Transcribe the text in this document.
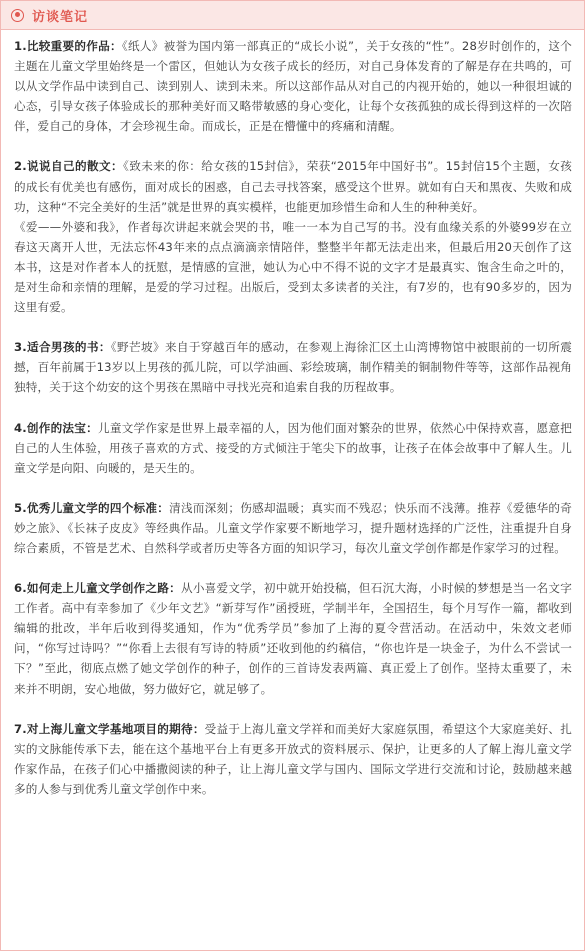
访谈笔记

1.比较重要的作品：《纸人》被誉为国内第一部真正的“成长小说”，关于女孩的“性”。28岁时创作的，这个主题在儿童文学里始终是一个雷区，但她认为女孩子成长的经历，对自己身体发育的了解是存在共鸣的，可以从文学作品中读到自己、读到别人、读到未来。所以这部作品从对自己的内视开始的，她以一种很坦诚的心态，引导女孩子体验成长的那种美好而又略带敏感的身心变化，让每个女孩孤独的成长得到这样的一次陪伴，爱自己的身体，才会珍视生命。而成长，正是在懵懂中的疼痛和清醒。

2.说说自己的散文：《致未来的你：给女孩的15封信》，荣获“2015年中国好书”。15封信15个主题，女孩的成长有优美也有感伤，面对成长的困惑，自己去寻找答案，感受这个世界。就如有白天和黑夜、失败和成功，这种“不完全美好的生活”就是世界的真实模样，也能更加珍惜生命和人生的种种美好。
《爱——外婆和我》，作者每次讲起来就会哭的书，唯一一本为自己写的书。没有血缘关系的外婆99岁在立春这天离开人世，无法忘怀43年来的点点滴滴亲情陪伴，整整半年都无法走出来，但最后用20天创作了这本书，这是对作者本人的抚慰，是情感的宣泄，她认为心中不得不说的文字才是最真实、饱含生命之叶的，是对生命和亲情的理解，是爱的学习过程。出版后，受到太多读者的关注，有7岁的，也有90多岁的，因为这里有爱。

3.适合男孩的书：《野芒坡》来自于穿越百年的感动，在参观上海徐汇区土山湾博物馆中被眼前的一切所震撼，百年前属于13岁以上男孩的孤儿院，可以学油画、彩绘玻璃，制作精美的铜制物件等等，这部作品视角独特，关于这个幼安的这个男孩在黑暗中寻找光亮和追索自我的历程故事。

4.创作的法宝：儿童文学作家是世界上最幸福的人，因为他们面对繁杂的世界，依然心中保持欢喜，愿意把自己的人生体验，用孩子喜欢的方式、接受的方式倾注于笔尖下的故事，让孩子在体会故事中了解人生。儿童文学是向阳、向暖的，是天生的。

5.优秀儿童文学的四个标准：清浅而深刻；伤感却温暖；真实而不残忍；快乐而不浅薄。推荐《爱德华的奇妙之旅》、《长袜子皮皮》等经典作品。儿童文学作家要不断地学习，提升题材选择的广泛性，注重提升自身综合素质，不管是艺术、自然科学或者历史等各方面的知识学习，每次儿童文学创作都是作家学习的过程。

6.如何走上儿童文学创作之路：从小喜爱文学，初中就开始投稿，但石沉大海，小时候的梦想是当一名文字工作者。高中有幸参加了《少年文艺》“新芽写作”函授班，学制半年，全国招生，每个月写作一篇，都收到编辑的批改，半年后收到得奖通知，作为“优秀学员”参加了上海的夏令营活动。在活动中，朱效文老师问，“你写过诗吗？”“你看上去很有写诗的特质”还收到他的约稿信，“你也许是一块金子，为什么不尝试一下？”至此，彻底点燃了她文学创作的种子，创作的三首诗发表两篇、真正爱上了创作。坚持太重要了，未来并不明朗，安心地做，努力做好它，就足够了。

7.对上海儿童文学基地项目的期待：受益于上海儿童文学祥和而美好大家庭氛围，希望这个大家庭美好、扎实的文脉能传承下去，能在这个基地平台上有更多开放式的资料展示、保护，让更多的人了解上海儿童文学作家作品，在孩子们心中播撒阅读的种子，让上海儿童文学与国内、国际文学进行交流和讨论，鼓励越来越多的人参与到优秀儿童文学创作中来。
